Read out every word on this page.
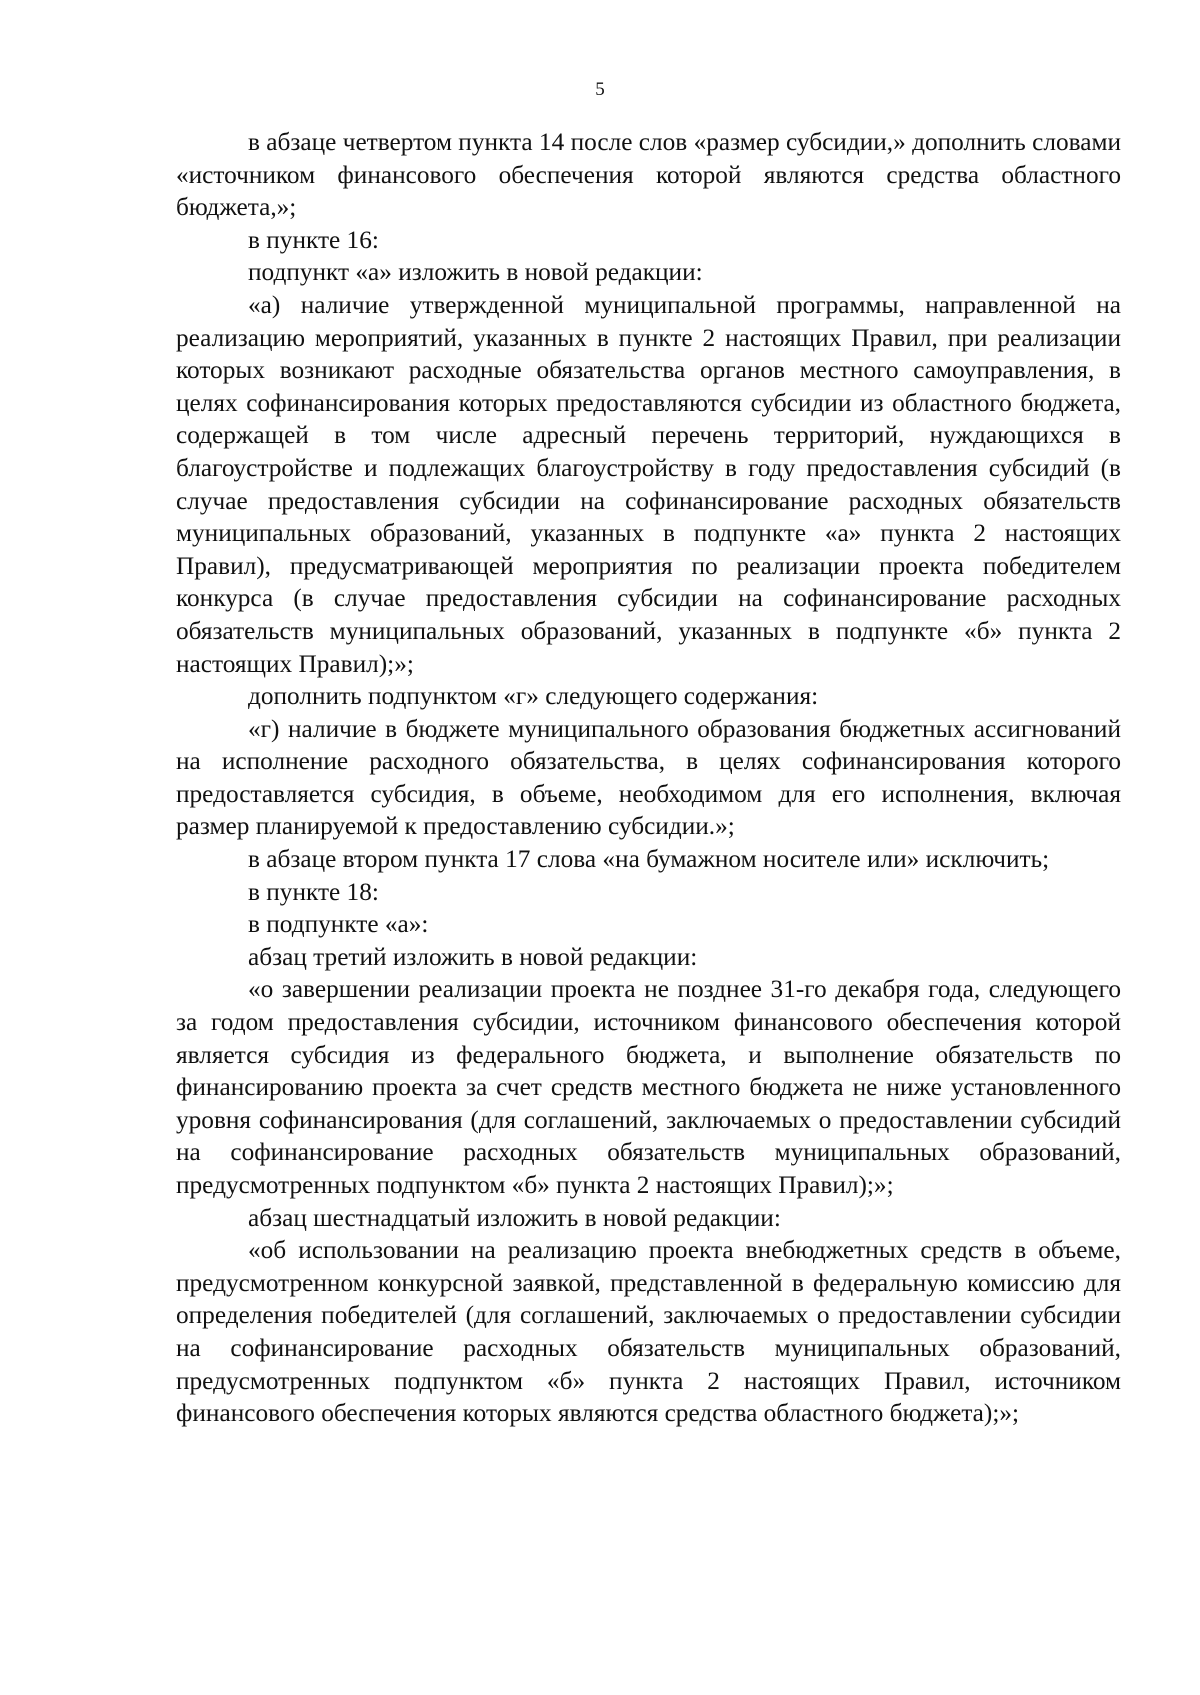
5

в абзаце четвертом пункта 14 после слов «размер субсидии,» дополнить словами «источником финансового обеспечения которой являются средства областного бюджета,»;

в пункте 16:

подпункт «а» изложить в новой редакции:

«а) наличие утвержденной муниципальной программы, направленной на реализацию мероприятий, указанных в пункте 2 настоящих Правил, при реализации которых возникают расходные обязательства органов местного самоуправления, в целях софинансирования которых предоставляются субсидии из областного бюджета, содержащей в том числе адресный перечень территорий, нуждающихся в благоустройстве и подлежащих благоустройству в году предоставления субсидий (в случае предоставления субсидии на софинансирование расходных обязательств муниципальных образований, указанных в подпункте «а» пункта 2 настоящих Правил), предусматривающей мероприятия по реализации проекта победителем конкурса (в случае предоставления субсидии на софинансирование расходных обязательств муниципальных образований, указанных в подпункте «б» пункта 2 настоящих Правил);»;

дополнить подпунктом «г» следующего содержания:

«г) наличие в бюджете муниципального образования бюджетных ассигнований на исполнение расходного обязательства, в целях софинансирования которого предоставляется субсидия, в объеме, необходимом для его исполнения, включая размер планируемой к предоставлению субсидии.»;

в абзаце втором пункта 17 слова «на бумажном носителе или» исключить;

в пункте 18:

в подпункте «а»:

абзац третий изложить в новой редакции:

«о завершении реализации проекта не позднее 31-го декабря года, следующего за годом предоставления субсидии, источником финансового обеспечения которой является субсидия из федерального бюджета, и выполнение обязательств по финансированию проекта за счет средств местного бюджета не ниже установленного уровня софинансирования (для соглашений, заключаемых о предоставлении субсидий на софинансирование расходных обязательств муниципальных образований, предусмотренных подпунктом «б» пункта 2 настоящих Правил);»;

абзац шестнадцатый изложить в новой редакции:

«об использовании на реализацию проекта внебюджетных средств в объеме, предусмотренном конкурсной заявкой, представленной в федеральную комиссию для определения победителей (для соглашений, заключаемых о предоставлении субсидии на софинансирование расходных обязательств муниципальных образований, предусмотренных подпунктом «б» пункта 2 настоящих Правил, источником финансового обеспечения которых являются средства областного бюджета);»;
